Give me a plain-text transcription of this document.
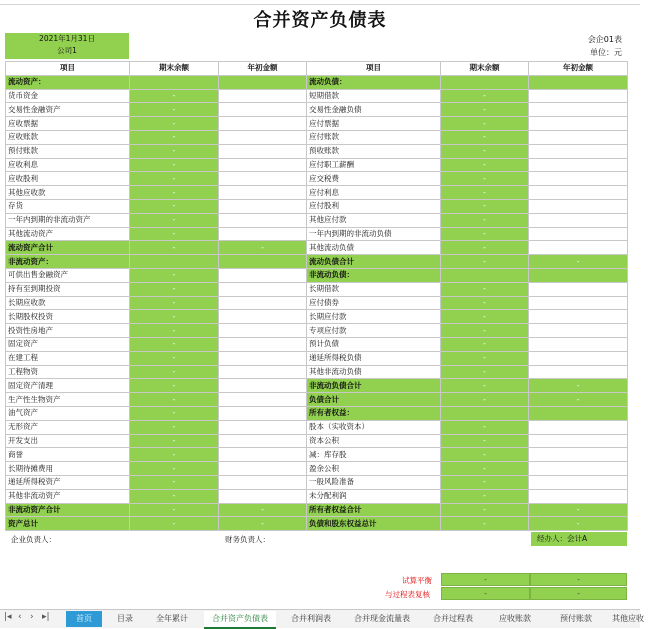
合并资产负债表
2021年1月31日
公司1
会企01表
单位：元
项目	期末余额	年初金额	项目	期末余额	年初金额
流动资产：			流动负债：		
货币资金	-		短期借款	-	
交易性金融资产	-		交易性金融负债	-	
应收票据	-		应付票据	-	
应收账款	-		应付账款	-	
预付账款	-		预收账款	-	
应收利息	-		应付职工薪酬	-	
应收股利	-		应交税费	-	
其他应收款	-		应付利息	-	
存货	-		应付股利	-	
一年内到期的非流动资产	-		其他应付款	-	
其他流动资产	-		一年内到期的非流动负债	-	
流动资产合计	-	-	其他流动负债	-	
非流动资产：			流动负债合计	-	-
可供出售金融资产	-		非流动负债：		
持有至到期投资	-		长期借款	-	
长期应收款	-		应付债券	-	
长期股权投资	-		长期应付款	-	
投资性房地产	-		专项应付款	-	
固定资产	-		预计负债	-	
在建工程	-		递延所得税负债	-	
工程物资	-		其他非流动负债	-	
固定资产清理	-		非流动负债合计	-	-
生产性生物资产	-		负债合计	-	-
油气资产	-		所有者权益：		
无形资产	-		股本（实收资本）	-	
开发支出	-		资本公积	-	
商誉	-		减：库存股	-	
长期待摊费用	-		盈余公积	-	
递延所得税资产	-		一般风险准备	-	
其他非流动资产	-		未分配利润	-	
非流动资产合计	-	-	所有者权益合计	-	-
资产总计	-	-	负债和股东权益总计	-	-
企业负责人：	财务负责人：	经办人：会计A
试算平衡	-	-
与过程表复核	-	-
|◂ ‹ › ▸|	首页	目录	全年累计	合并资产负债表	合并利润表	合并现金流量表	合并过程表	应收账款	预付账款	其他应收
